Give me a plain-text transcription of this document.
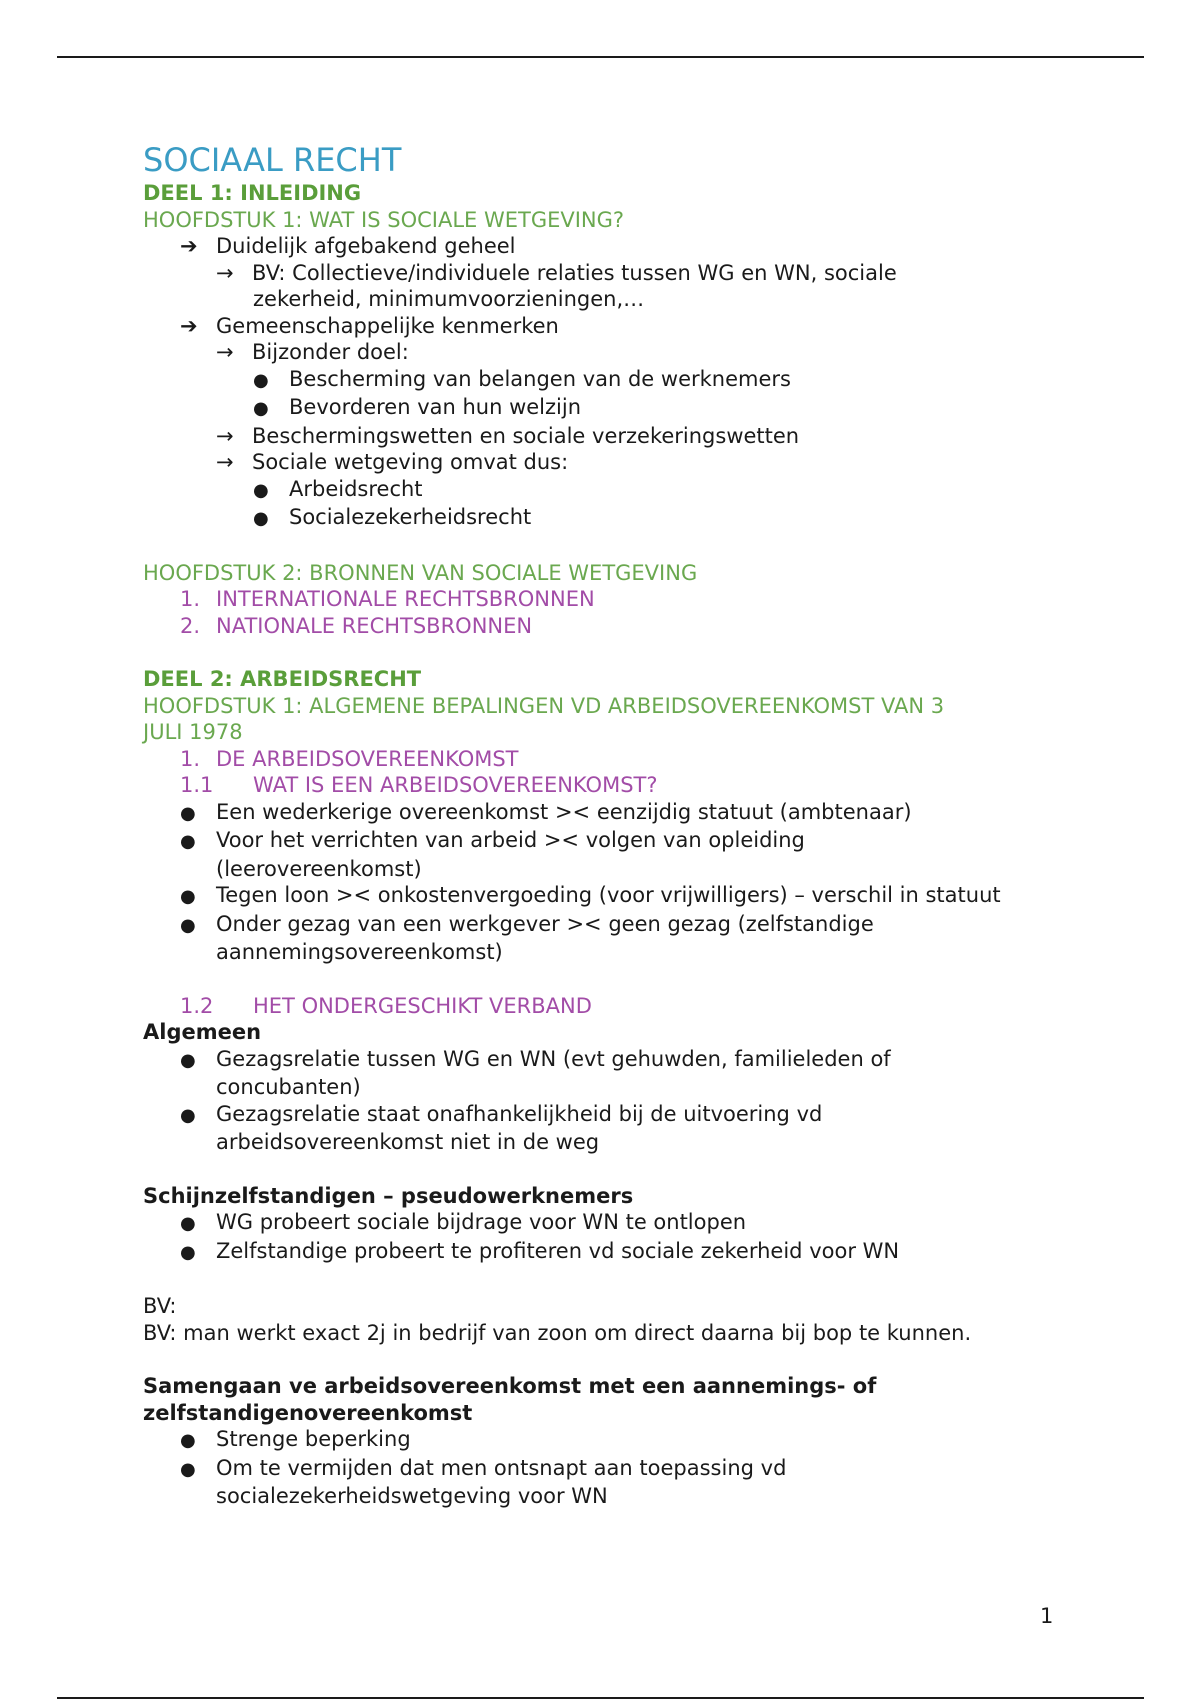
SOCIAAL RECHT

DEEL 1: INLEIDING

HOOFDSTUK 1: WAT IS SOCIALE WETGEVING?

➔ Duidelijk afgebakend geheel

→ BV: Collectieve/individuele relaties tussen WG en WN, sociale

zekerheid, minimumvoorzieningen,…

➔ Gemeenschappelijke kenmerken

→ Bijzonder doel:

● Bescherming van belangen van de werknemers

● Bevorderen van hun welzijn

→ Beschermingswetten en sociale verzekeringswetten

→ Sociale wetgeving omvat dus:

● Arbeidsrecht

● Socialezekerheidsrecht

HOOFDSTUK 2: BRONNEN VAN SOCIALE WETGEVING

1. INTERNATIONALE RECHTSBRONNEN

2. NATIONALE RECHTSBRONNEN

DEEL 2: ARBEIDSRECHT

HOOFDSTUK 1: ALGEMENE BEPALINGEN VD ARBEIDSOVEREENKOMST VAN 3

JULI 1978

1. DE ARBEIDSOVEREENKOMST

1.1 WAT IS EEN ARBEIDSOVEREENKOMST?

● Een wederkerige overeenkomst >< eenzijdig statuut (ambtenaar)

● Voor het verrichten van arbeid >< volgen van opleiding

(leerovereenkomst)

● Tegen loon >< onkostenvergoeding (voor vrijwilligers) – verschil in statuut

● Onder gezag van een werkgever >< geen gezag (zelfstandige

aannemingsovereenkomst)

1.2 HET ONDERGESCHIKT VERBAND

Algemeen

● Gezagsrelatie tussen WG en WN (evt gehuwden, familieleden of

concubanten)

● Gezagsrelatie staat onafhankelijkheid bij de uitvoering vd

arbeidsovereenkomst niet in de weg

Schijnzelfstandigen – pseudowerknemers

● WG probeert sociale bijdrage voor WN te ontlopen

● Zelfstandige probeert te profiteren vd sociale zekerheid voor WN

BV:

BV: man werkt exact 2j in bedrijf van zoon om direct daarna bij bop te kunnen.

Samengaan ve arbeidsovereenkomst met een aannemings- of

zelfstandigenovereenkomst

● Strenge beperking

● Om te vermijden dat men ontsnapt aan toepassing vd

socialezekerheidswetgeving voor WN

1
